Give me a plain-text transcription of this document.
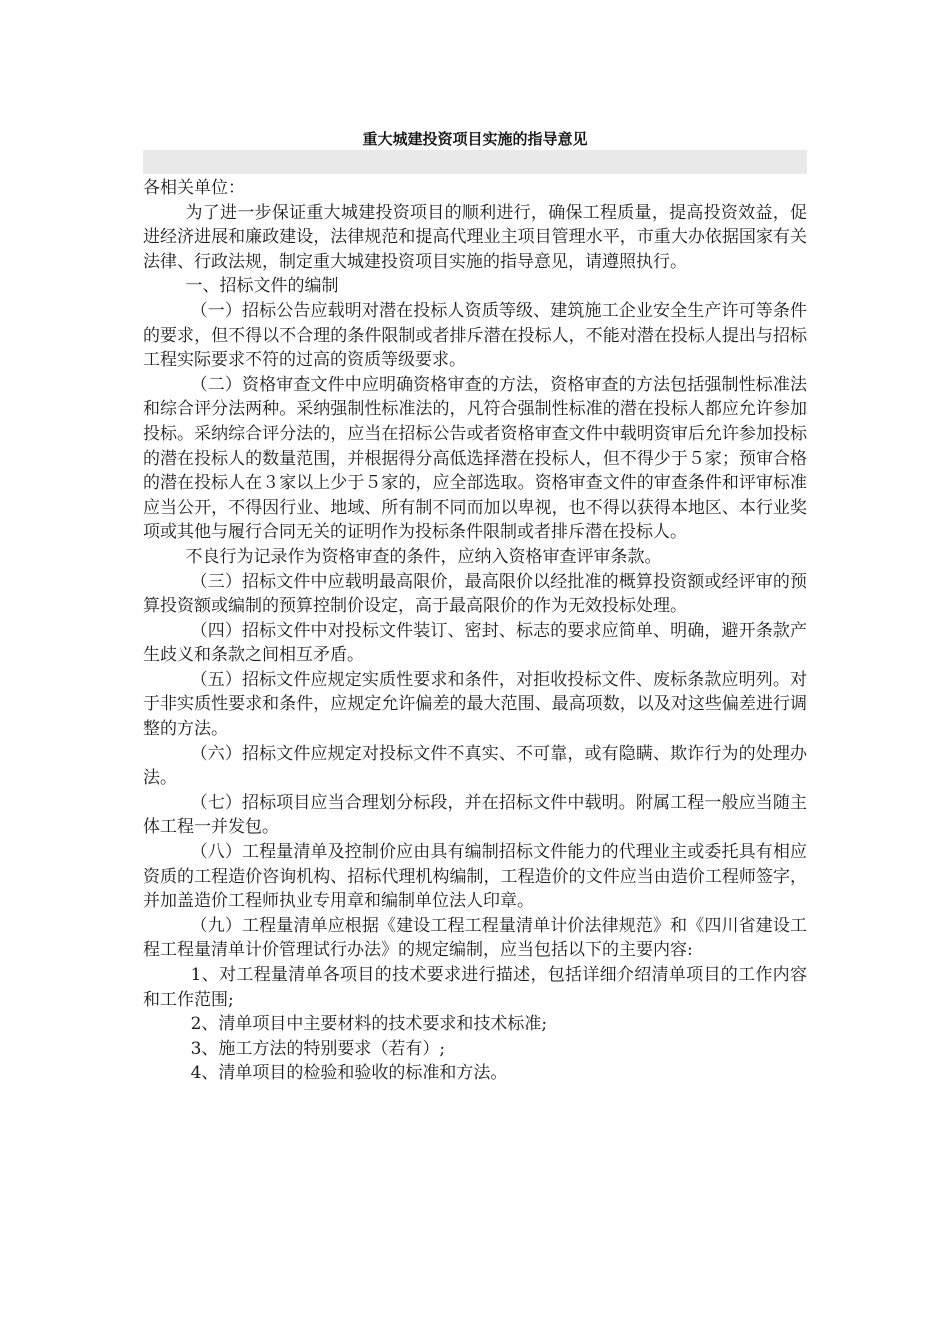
重大城建投资项目实施的指导意见

各相关单位：

为了进一步保证重大城建投资项目的顺利进行，确保工程质量，提高投资效益，促进经济进展和廉政建设，法律规范和提高代理业主项目管理水平，市重大办依据国家有关法律、行政法规，制定重大城建投资项目实施的指导意见，请遵照执行。

一、招标文件的编制

（一）招标公告应载明对潜在投标人资质等级、建筑施工企业安全生产许可等条件的要求，但不得以不合理的条件限制或者排斥潜在投标人，不能对潜在投标人提出与招标工程实际要求不符的过高的资质等级要求。

（二）资格审查文件中应明确资格审查的方法，资格审查的方法包括强制性标准法和综合评分法两种。采纳强制性标准法的，凡符合强制性标准的潜在投标人都应允许参加投标。采纳综合评分法的，应当在招标公告或者资格审查文件中载明资审后允许参加投标的潜在投标人的数量范围，并根据得分高低选择潜在投标人，但不得少于５家；预审合格的潜在投标人在３家以上少于５家的，应全部选取。资格审查文件的审查条件和评审标准应当公开，不得因行业、地域、所有制不同而加以卑视，也不得以获得本地区、本行业奖项或其他与履行合同无关的证明作为投标条件限制或者排斥潜在投标人。

不良行为记录作为资格审查的条件，应纳入资格审查评审条款。

（三）招标文件中应载明最高限价，最高限价以经批准的概算投资额或经评审的预算投资额或编制的预算控制价设定，高于最高限价的作为无效投标处理。

（四）招标文件中对投标文件装订、密封、标志的要求应简单、明确，避开条款产生歧义和条款之间相互矛盾。

（五）招标文件应规定实质性要求和条件，对拒收投标文件、废标条款应明列。对于非实质性要求和条件，应规定允许偏差的最大范围、最高项数，以及对这些偏差进行调整的方法。

（六）招标文件应规定对投标文件不真实、不可靠，或有隐瞒、欺诈行为的处理办法。

（七）招标项目应当合理划分标段，并在招标文件中载明。附属工程一般应当随主体工程一并发包。

（八）工程量清单及控制价应由具有编制招标文件能力的代理业主或委托具有相应资质的工程造价咨询机构、招标代理机构编制，工程造价的文件应当由造价工程师签字，并加盖造价工程师执业专用章和编制单位法人印章。

（九）工程量清单应根据《建设工程工程量清单计价法律规范》和《四川省建设工程工程量清单计价管理试行办法》的规定编制，应当包括以下的主要内容:

1、对工程量清单各项目的技术要求进行描述，包括详细介绍清单项目的工作内容和工作范围;

2、清单项目中主要材料的技术要求和技术标准;

3、施工方法的特别要求（若有）;

4、清单项目的检验和验收的标准和方法。
